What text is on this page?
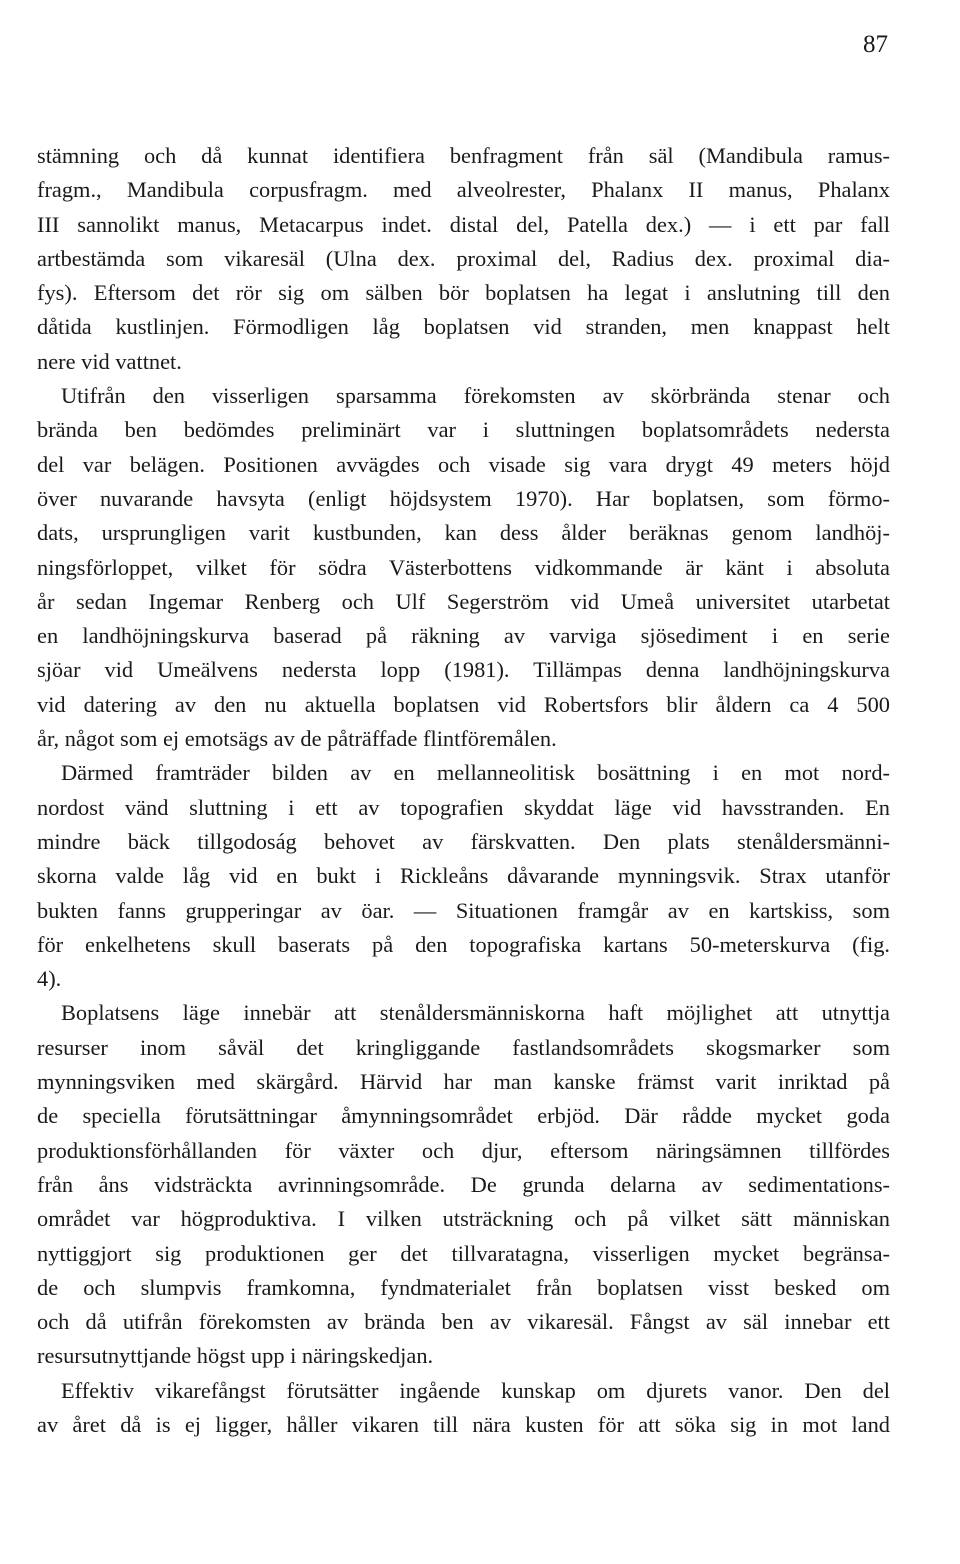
87
stämning och då kunnat identifiera benfragment från säl (Mandibula ramus-
fragm., Mandibula corpusfragm. med alveolrester, Phalanx II manus, Phalanx
III sannolikt manus, Metacarpus indet. distal del, Patella dex.) — i ett par fall
artbestämda som vikaresäl (Ulna dex. proximal del, Radius dex. proximal dia-
fys). Eftersom det rör sig om sälben bör boplatsen ha legat i anslutning till den
dåtida kustlinjen. Förmodligen låg boplatsen vid stranden, men knappast helt
nere vid vattnet.
Utifrån den visserligen sparsamma förekomsten av skörbrända stenar och
brända ben bedömdes preliminärt var i sluttningen boplatsområdets nedersta
del var belägen. Positionen avvägdes och visade sig vara drygt 49 meters höjd
över nuvarande havsyta (enligt höjdsystem 1970). Har boplatsen, som förmo-
dats, ursprungligen varit kustbunden, kan dess ålder beräknas genom landhöj-
ningsförloppet, vilket för södra Västerbottens vidkommande är känt i absoluta
år sedan Ingemar Renberg och Ulf Segerström vid Umeå universitet utarbetat
en landhöjningskurva baserad på räkning av varviga sjösediment i en serie
sjöar vid Umeälvens nedersta lopp (1981). Tillämpas denna landhöjningskurva
vid datering av den nu aktuella boplatsen vid Robertsfors blir åldern ca 4 500
år, något som ej emotsägs av de påträffade flintföremålen.
Därmed framträder bilden av en mellanneolitisk bosättning i en mot nord-
nordost vänd sluttning i ett av topografien skyddat läge vid havsstranden. En
mindre bäck tillgodoság behovet av färskvatten. Den plats stenåldersmänni-
skorna valde låg vid en bukt i Rickleåns dåvarande mynningsvik. Strax utanför
bukten fanns grupperingar av öar. — Situationen framgår av en kartskiss, som
för enkelhetens skull baserats på den topografiska kartans 50-meterskurva (fig.
4).
Boplatsens läge innebär att stenåldersmänniskorna haft möjlighet att utnyttja
resurser inom såväl det kringliggande fastlandsområdets skogsmarker som
mynningsviken med skärgård. Härvid har man kanske främst varit inriktad på
de speciella förutsättningar åmynningsområdet erbjöd. Där rådde mycket goda
produktionsförhållanden för växter och djur, eftersom näringsämnen tillfördes
från åns vidsträckta avrinningsområde. De grunda delarna av sedimentations-
området var högproduktiva. I vilken utsträckning och på vilket sätt människan
nyttiggjort sig produktionen ger det tillvaratagna, visserligen mycket begränsa-
de och slumpvis framkomna, fyndmaterialet från boplatsen visst besked om
och då utifrån förekomsten av brända ben av vikaresäl. Fångst av säl innebar ett
resursutnyttjande högst upp i näringskedjan.
Effektiv vikarefångst förutsätter ingående kunskap om djurets vanor. Den del
av året då is ej ligger, håller vikaren till nära kusten för att söka sig in mot land
